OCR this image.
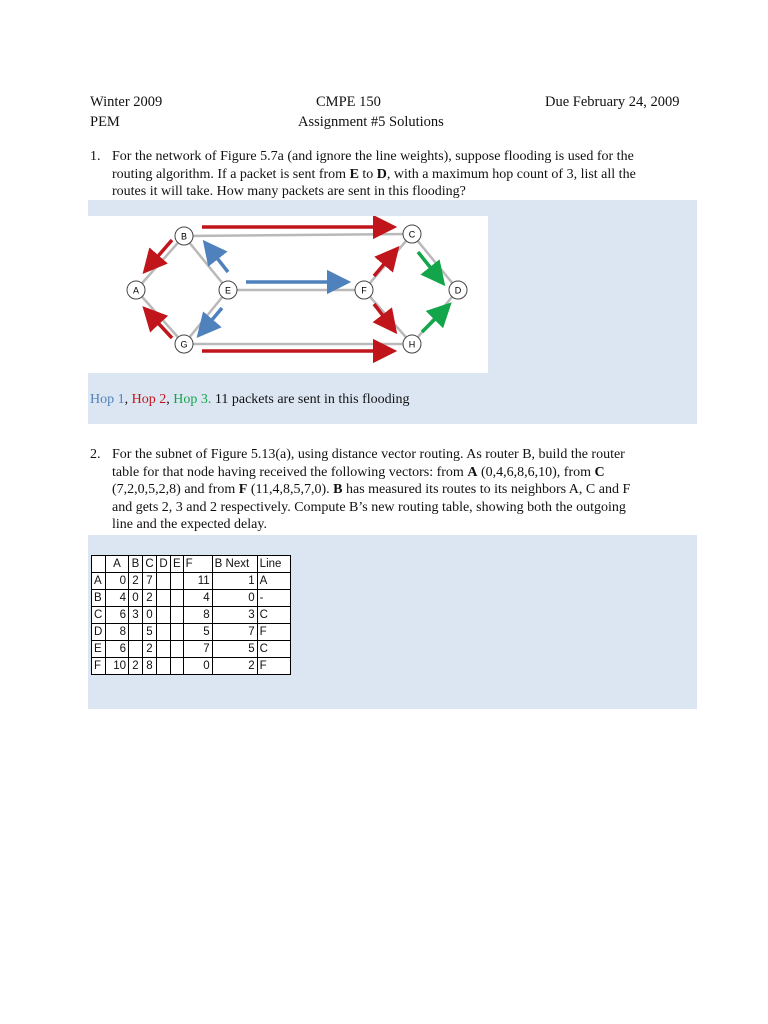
Winter 2009
PEM
CMPE 150
Assignment #5 Solutions
Due February 24, 2009
1. For the network of Figure 5.7a (and ignore the line weights), suppose flooding is used for the
routing algorithm. If a packet is sent from E to D, with a maximum hop count of 3, list all the
routes it will take. How many packets are sent in this flooding?
A
B	C
D
E	F
G	H
Hop 1, Hop 2, Hop 3. 11 packets are sent in this flooding
2. For the subnet of Figure 5.13(a), using distance vector routing. As router B, build the router
table for that node having received the following vectors: from A (0,4,6,8,6,10), from C
(7,2,0,5,2,8) and from F (11,4,8,5,7,0). B has measured its routes to its neighbors A, C and F
and gets 2, 3 and 2 respectively. Compute B’s new routing table, showing both the outgoing
line and the expected delay.
	A	B	C	D	E	F	B Next	Line
A	0	2	7			11	1	A
B	4	0	2			4	0	-
C	6	3	0			8	3	C
D	8		5			5	7	F
E	6		2			7	5	C
F	10	2	8			0	2	F
